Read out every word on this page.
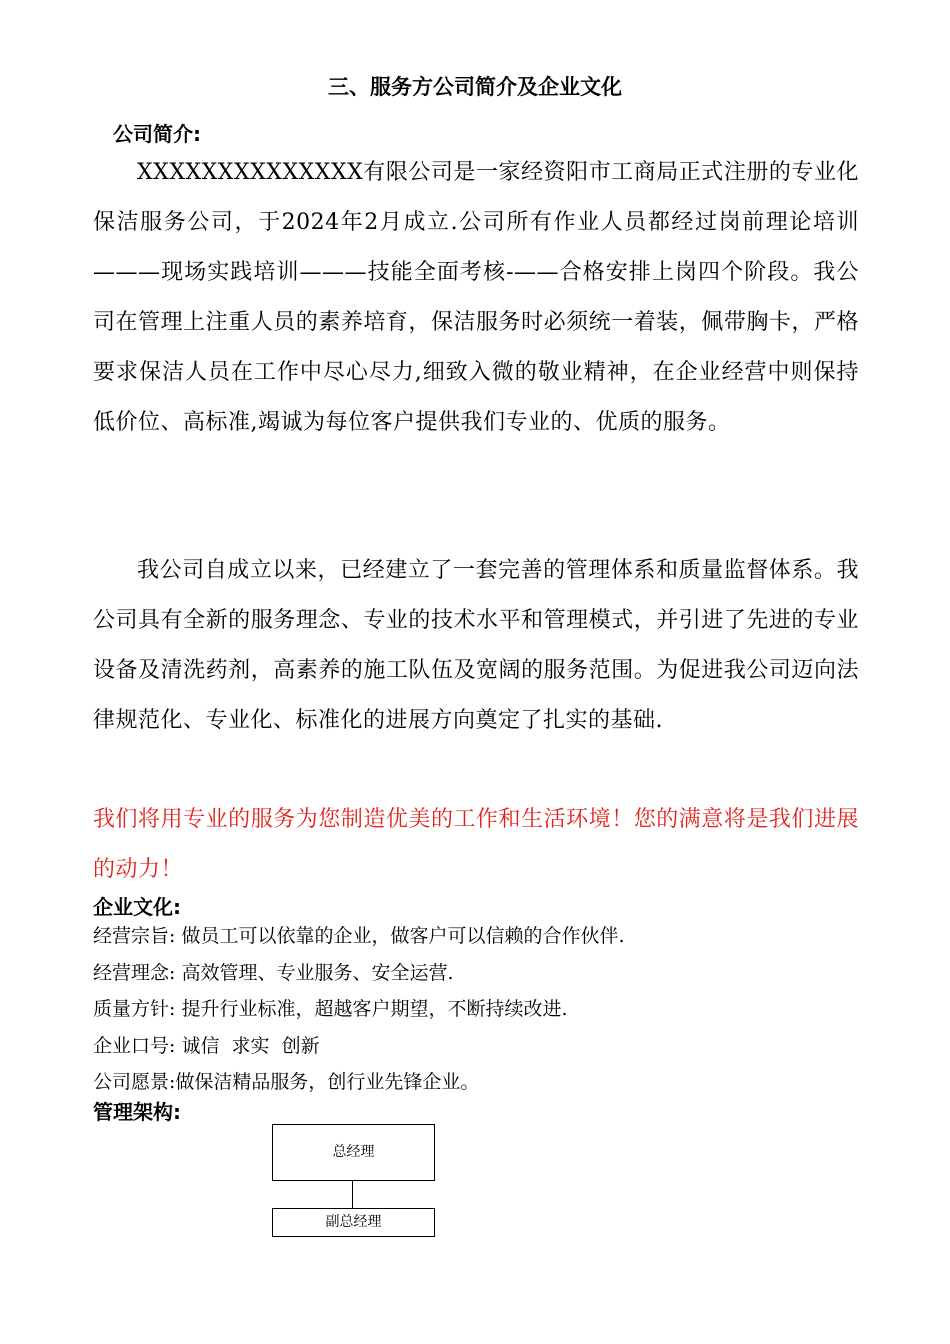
三、服务方公司简介及企业文化
公司简介:

XXXXXXXXXXXXXX有限公司是一家经资阳市工商局正式注册的专业化保洁服务公司，于2024年2月成立.公司所有作业人员都经过岗前理论培训———现场实践培训———技能全面考核-——合格安排上岗四个阶段。我公司在管理上注重人员的素养培育，保洁服务时必须统一着装，佩带胸卡，严格要求保洁人员在工作中尽心尽力,细致入微的敬业精神，在企业经营中则保持低价位、高标准,竭诚为每位客户提供我们专业的、优质的服务。

我公司自成立以来，已经建立了一套完善的管理体系和质量监督体系。我公司具有全新的服务理念、专业的技术水平和管理模式，并引进了先进的专业设备及清洗药剂，高素养的施工队伍及宽阔的服务范围。为促进我公司迈向法律规范化、专业化、标准化的进展方向奠定了扎实的基础.

我们将用专业的服务为您制造优美的工作和生活环境！您的满意将是我们进展的动力！

企业文化:
经营宗旨: 做员工可以依靠的企业，做客户可以信赖的合作伙伴.
经营理念: 高效管理、专业服务、安全运营.
质量方针: 提升行业标准，超越客户期望，不断持续改进.
企业口号: 诚信  求实  创新
公司愿景:做保洁精品服务，创行业先锋企业。
管理架构:
总经理
副总经理
